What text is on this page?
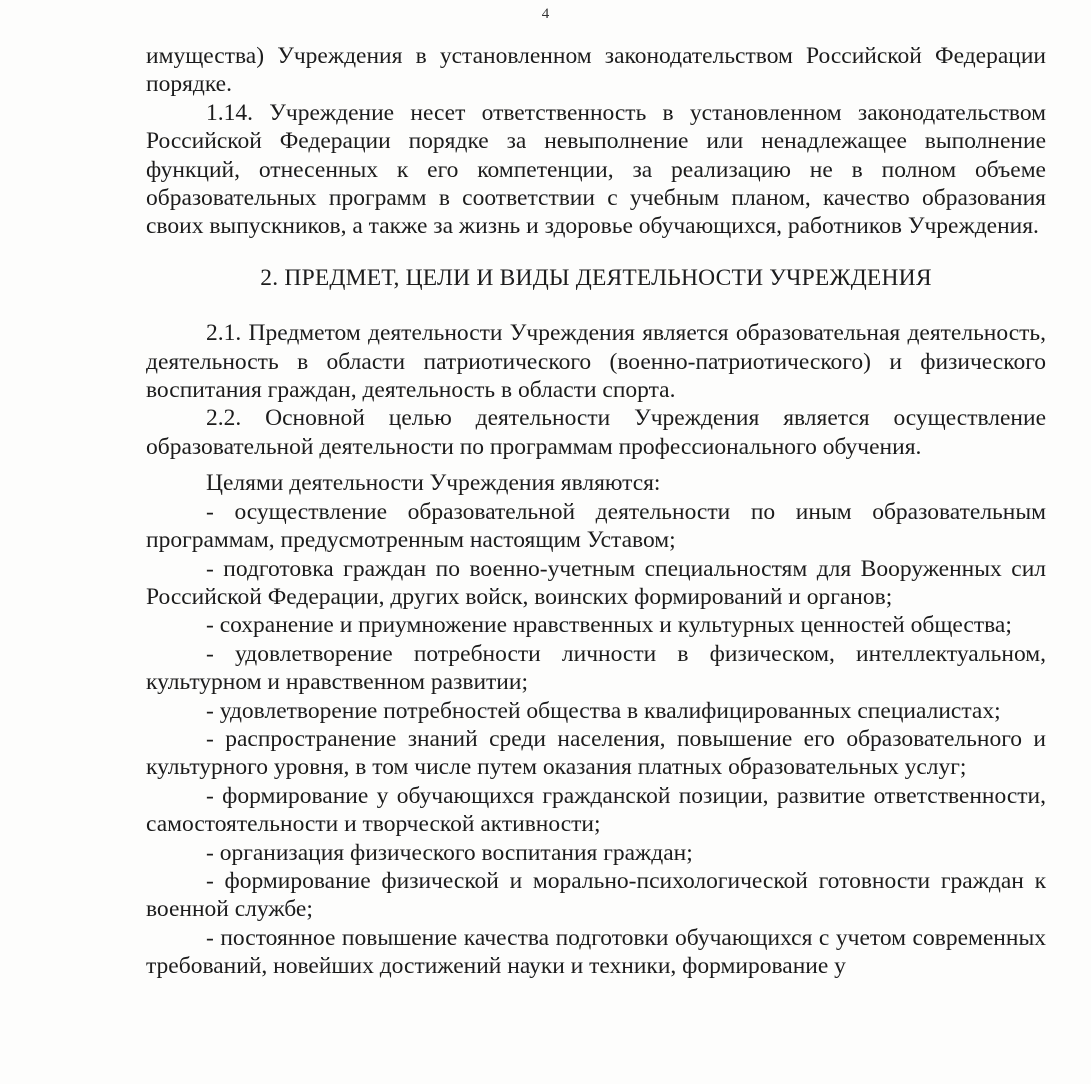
4

имущества) Учреждения в установленном законодательством Российской Федерации порядке.

1.14. Учреждение несет ответственность в установленном законодательством Российской Федерации порядке за невыполнение или ненадлежащее выполнение функций, отнесенных к его компетенции, за реализацию не в полном объеме образовательных программ в соответствии с учебным планом, качество образования своих выпускников, а также за жизнь и здоровье обучающихся, работников Учреждения.

2. ПРЕДМЕТ, ЦЕЛИ И ВИДЫ ДЕЯТЕЛЬНОСТИ УЧРЕЖДЕНИЯ

2.1. Предметом деятельности Учреждения является образовательная деятельность, деятельность в области патриотического (военно-патриотического) и физического воспитания граждан, деятельность в области спорта.

2.2. Основной целью деятельности Учреждения является осуществление образовательной деятельности по программам профессионального обучения.

Целями деятельности Учреждения являются:

- осуществление образовательной деятельности по иным образовательным программам, предусмотренным настоящим Уставом;

- подготовка граждан по военно-учетным специальностям для Вооруженных сил Российской Федерации, других войск, воинских формирований и органов;

- сохранение и приумножение нравственных и культурных ценностей общества;

- удовлетворение потребности личности в физическом, интеллектуальном, культурном и нравственном развитии;

- удовлетворение потребностей общества в квалифицированных специалистах;

- распространение знаний среди населения, повышение его образовательного и культурного уровня, в том числе путем оказания платных образовательных услуг;

- формирование у обучающихся гражданской позиции, развитие ответственности, самостоятельности и творческой активности;

- организация физического воспитания граждан;

- формирование физической и морально-психологической готовности граждан к военной службе;

- постоянное повышение качества подготовки обучающихся с учетом современных требований, новейших достижений науки и техники, формирование у
